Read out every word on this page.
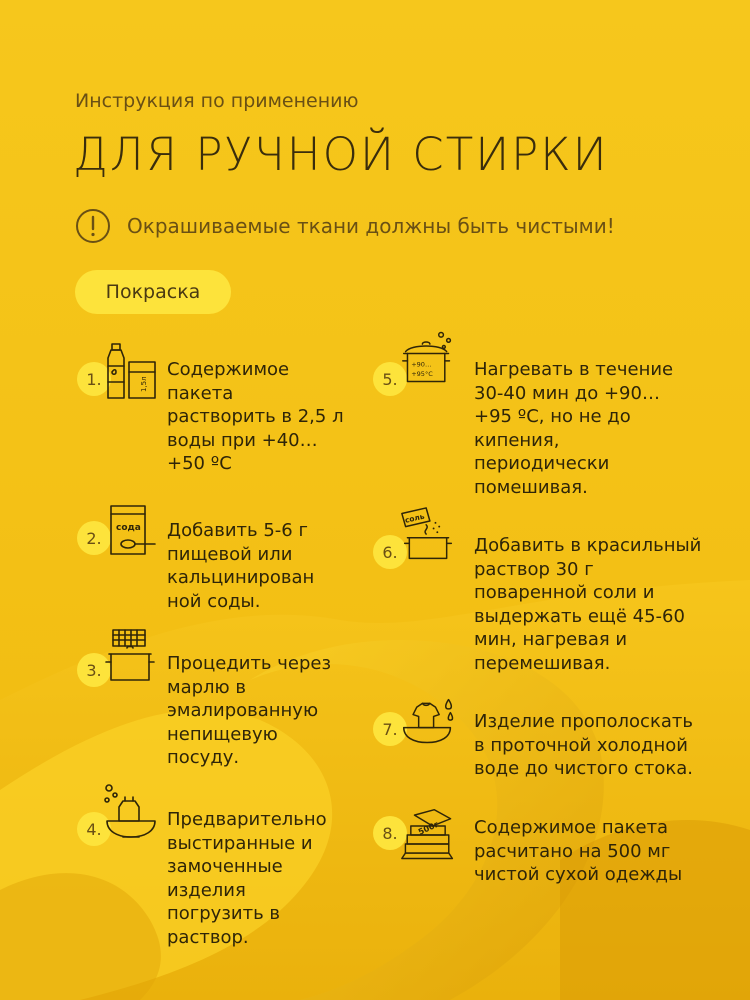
Инструкция по применению
ДЛЯ РУЧНОЙ СТИРКИ
Окрашиваемые ткани должны быть чистыми!
Покраска
1.	1,5л
Содержимое
пакета
растворить в 2,5 л
воды при +40…
+50 ºC
2.
сода Добавить 5-6 г
пищевой или
кальцинирован
ной соды.
3.	Процедить через
марлю в
эмалированную
непищевую
посуду.
4.	Предварительно
выстиранные и
замоченные
изделия
погрузить в
раствор.
5.
+90…
+95°C Нагревать в течение
30-40 мин до +90…
+95 ºC, но не до
кипения,
периодически
помешивая.
6.
соль
Добавить в красильный
раствор 30 г
поваренной соли и
выдержать ещё 45-60
мин, нагревая и
перемешивая.
7.	Изделие прополоскать
в проточной холодной
воде до чистого стока.
8.	500г Содержимое пакета
расчитано на 500 мг
чистой сухой одежды
